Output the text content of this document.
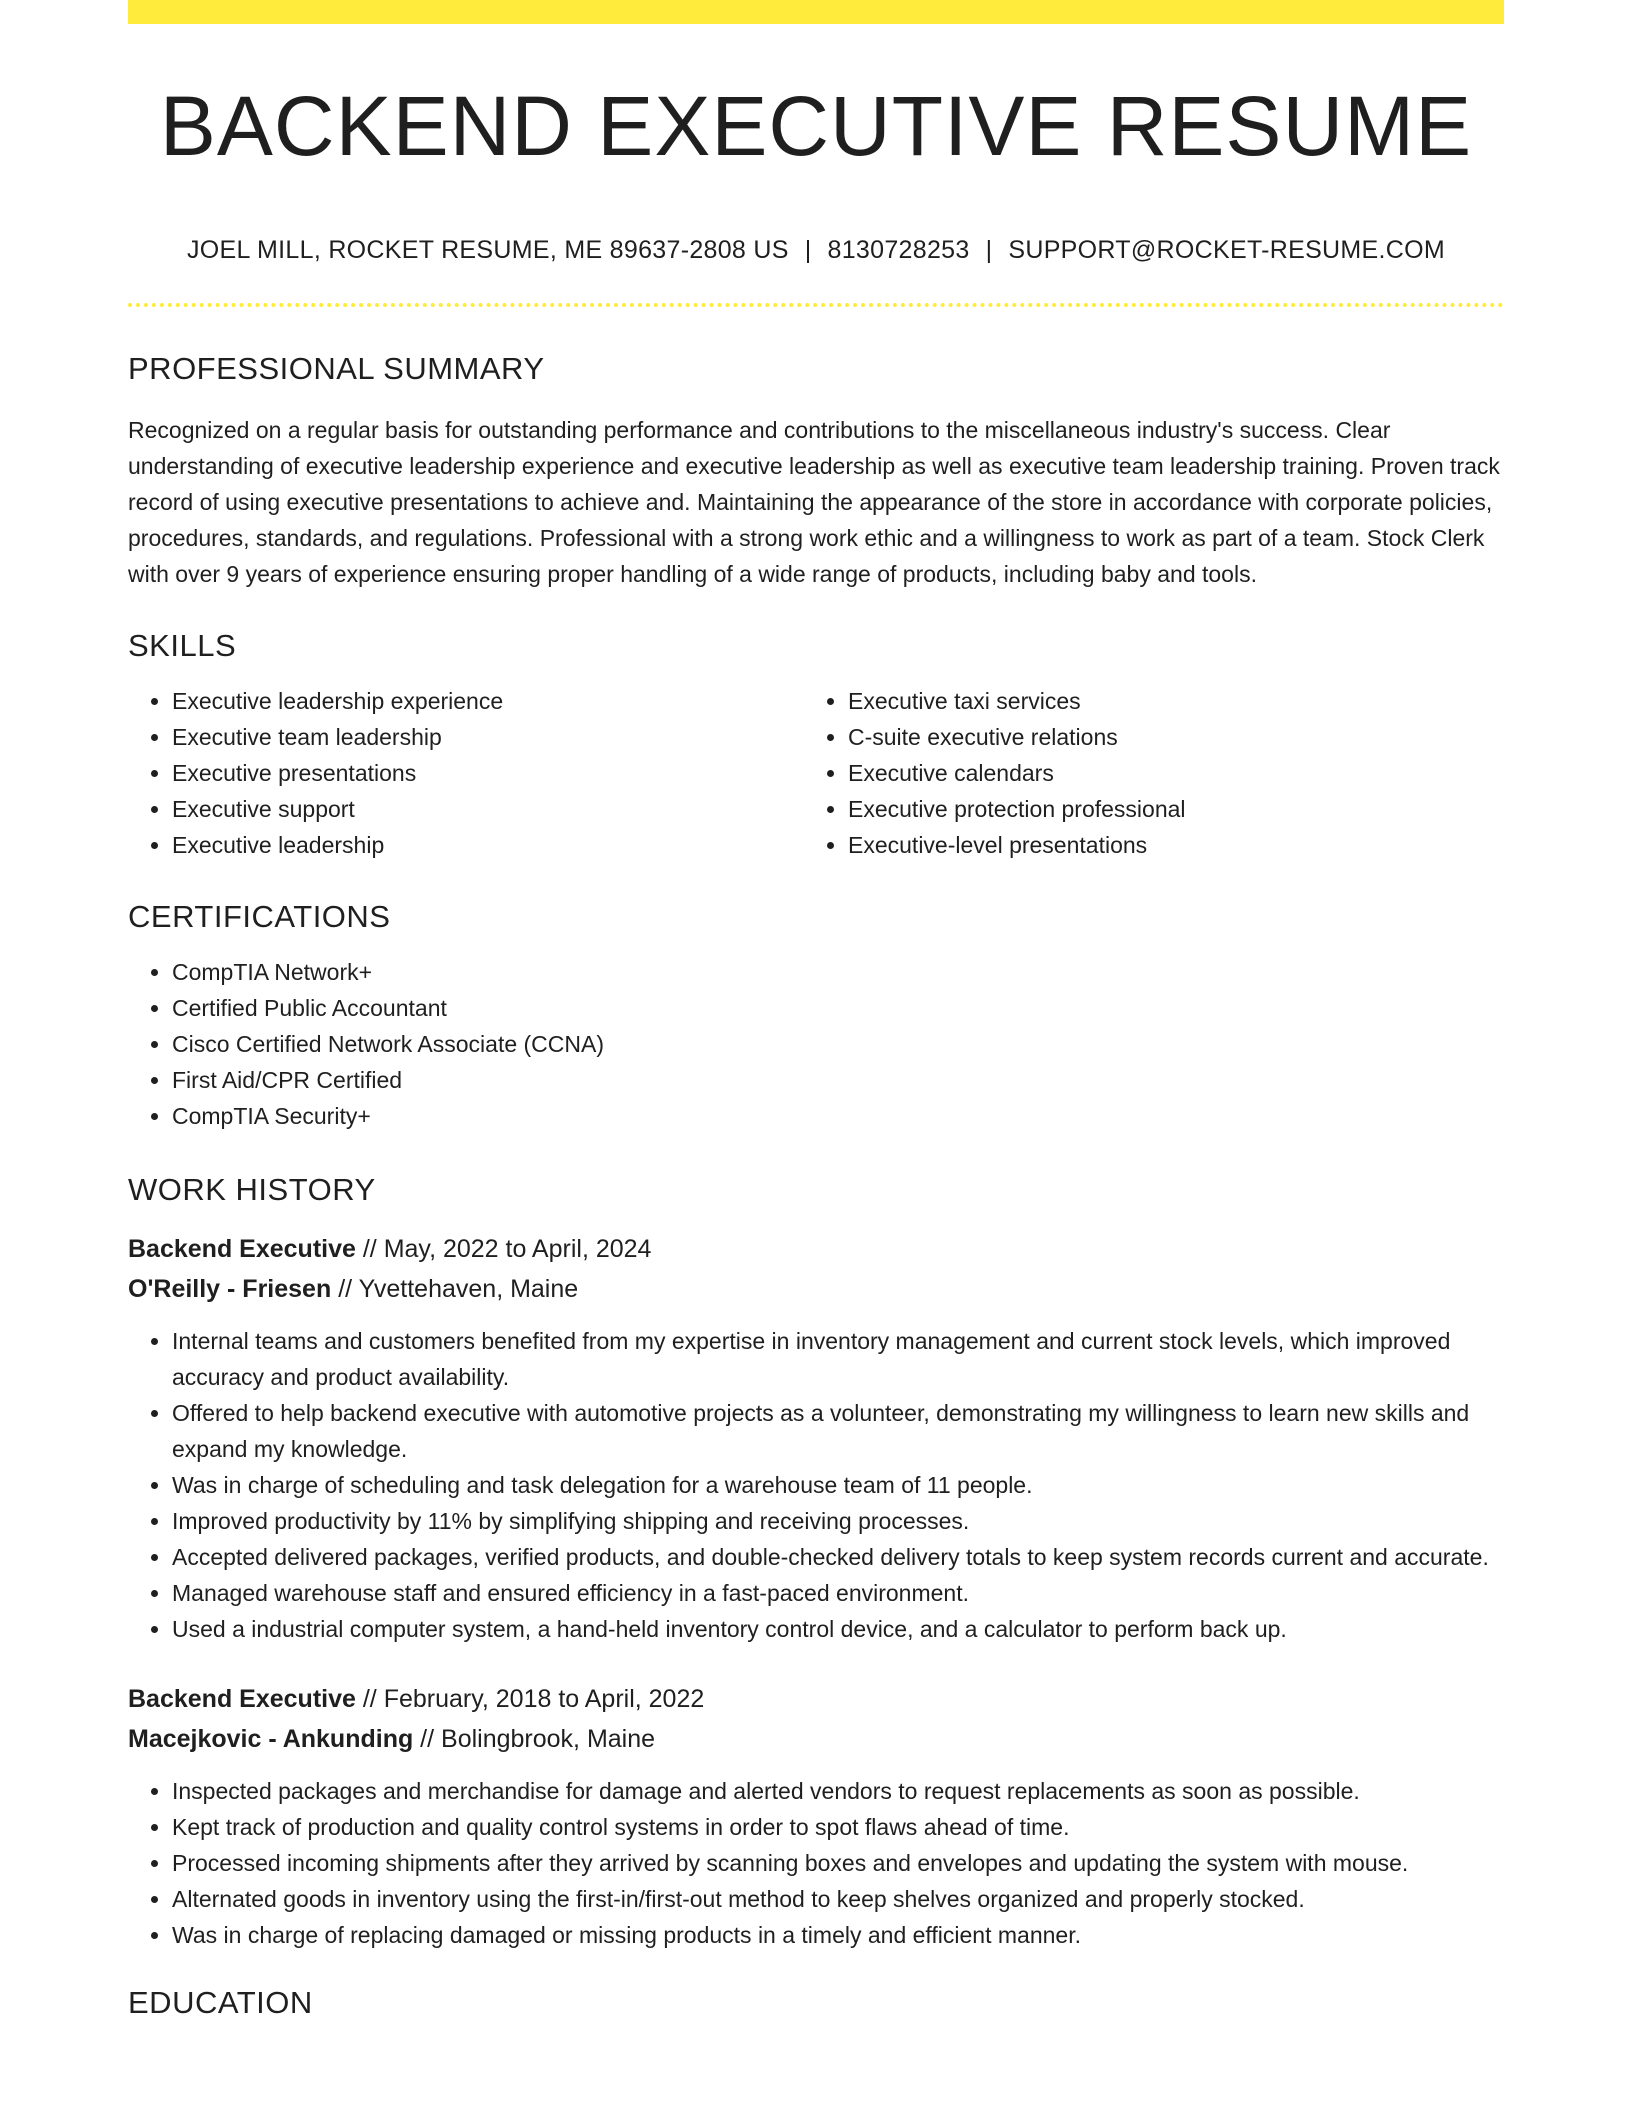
BACKEND EXECUTIVE RESUME
JOEL MILL, ROCKET RESUME, ME 89637-2808 US | 8130728253 | SUPPORT@ROCKET-RESUME.COM
PROFESSIONAL SUMMARY
Recognized on a regular basis for outstanding performance and contributions to the miscellaneous industry's success. Clear understanding of executive leadership experience and executive leadership as well as executive team leadership training. Proven track record of using executive presentations to achieve and. Maintaining the appearance of the store in accordance with corporate policies, procedures, standards, and regulations. Professional with a strong work ethic and a willingness to work as part of a team. Stock Clerk with over 9 years of experience ensuring proper handling of a wide range of products, including baby and tools.
SKILLS
• Executive leadership experience
• Executive team leadership
• Executive presentations
• Executive support
• Executive leadership
• Executive taxi services
• C-suite executive relations
• Executive calendars
• Executive protection professional
• Executive-level presentations
CERTIFICATIONS
• CompTIA Network+
• Certified Public Accountant
• Cisco Certified Network Associate (CCNA)
• First Aid/CPR Certified
• CompTIA Security+
WORK HISTORY
Backend Executive // May, 2022 to April, 2024
O'Reilly - Friesen // Yvettehaven, Maine
• Internal teams and customers benefited from my expertise in inventory management and current stock levels, which improved accuracy and product availability.
• Offered to help backend executive with automotive projects as a volunteer, demonstrating my willingness to learn new skills and expand my knowledge.
• Was in charge of scheduling and task delegation for a warehouse team of 11 people.
• Improved productivity by 11% by simplifying shipping and receiving processes.
• Accepted delivered packages, verified products, and double-checked delivery totals to keep system records current and accurate.
• Managed warehouse staff and ensured efficiency in a fast-paced environment.
• Used a industrial computer system, a hand-held inventory control device, and a calculator to perform back up.
Backend Executive // February, 2018 to April, 2022
Macejkovic - Ankunding // Bolingbrook, Maine
• Inspected packages and merchandise for damage and alerted vendors to request replacements as soon as possible.
• Kept track of production and quality control systems in order to spot flaws ahead of time.
• Processed incoming shipments after they arrived by scanning boxes and envelopes and updating the system with mouse.
• Alternated goods in inventory using the first-in/first-out method to keep shelves organized and properly stocked.
• Was in charge of replacing damaged or missing products in a timely and efficient manner.
EDUCATION
